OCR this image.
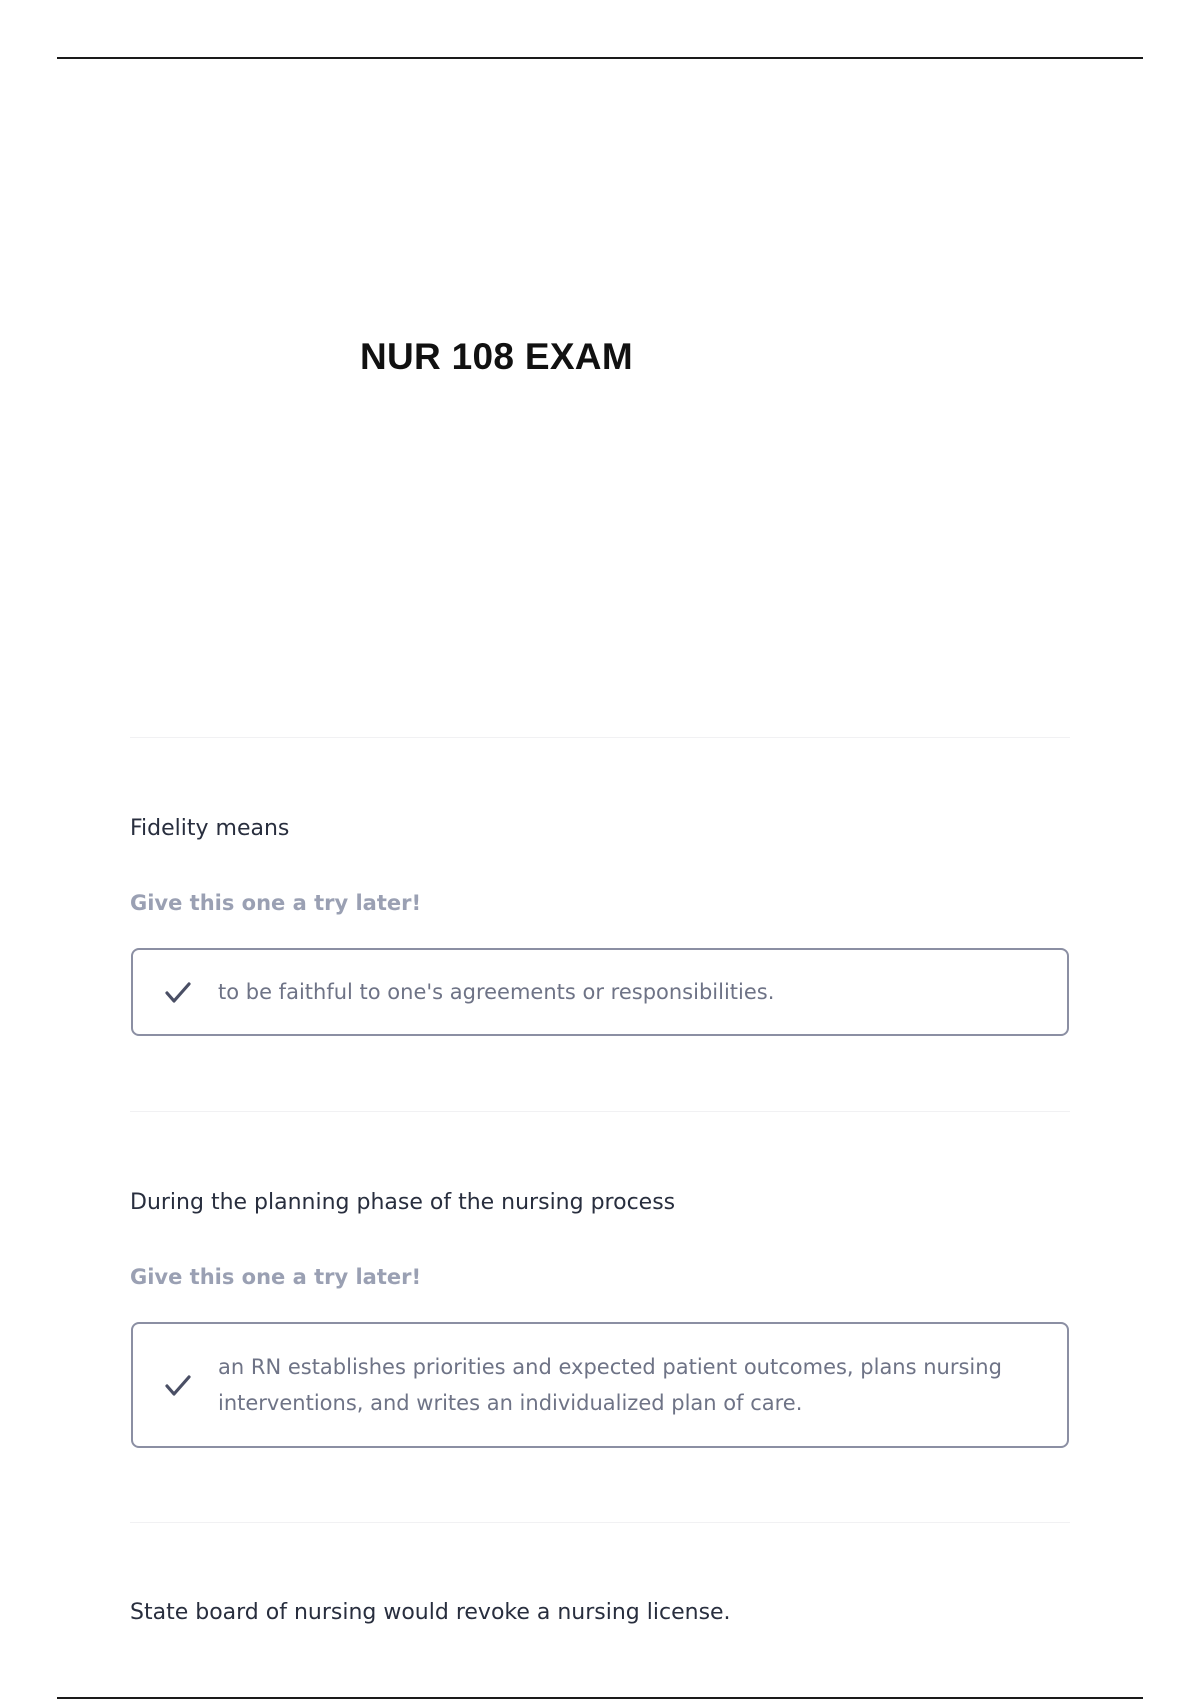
NUR 108 EXAM

Fidelity means

Give this one a try later!

to be faithful to one's agreements or responsibilities.

During the planning phase of the nursing process

Give this one a try later!

an RN establishes priorities and expected patient outcomes, plans nursing interventions, and writes an individualized plan of care.

State board of nursing would revoke a nursing license.
